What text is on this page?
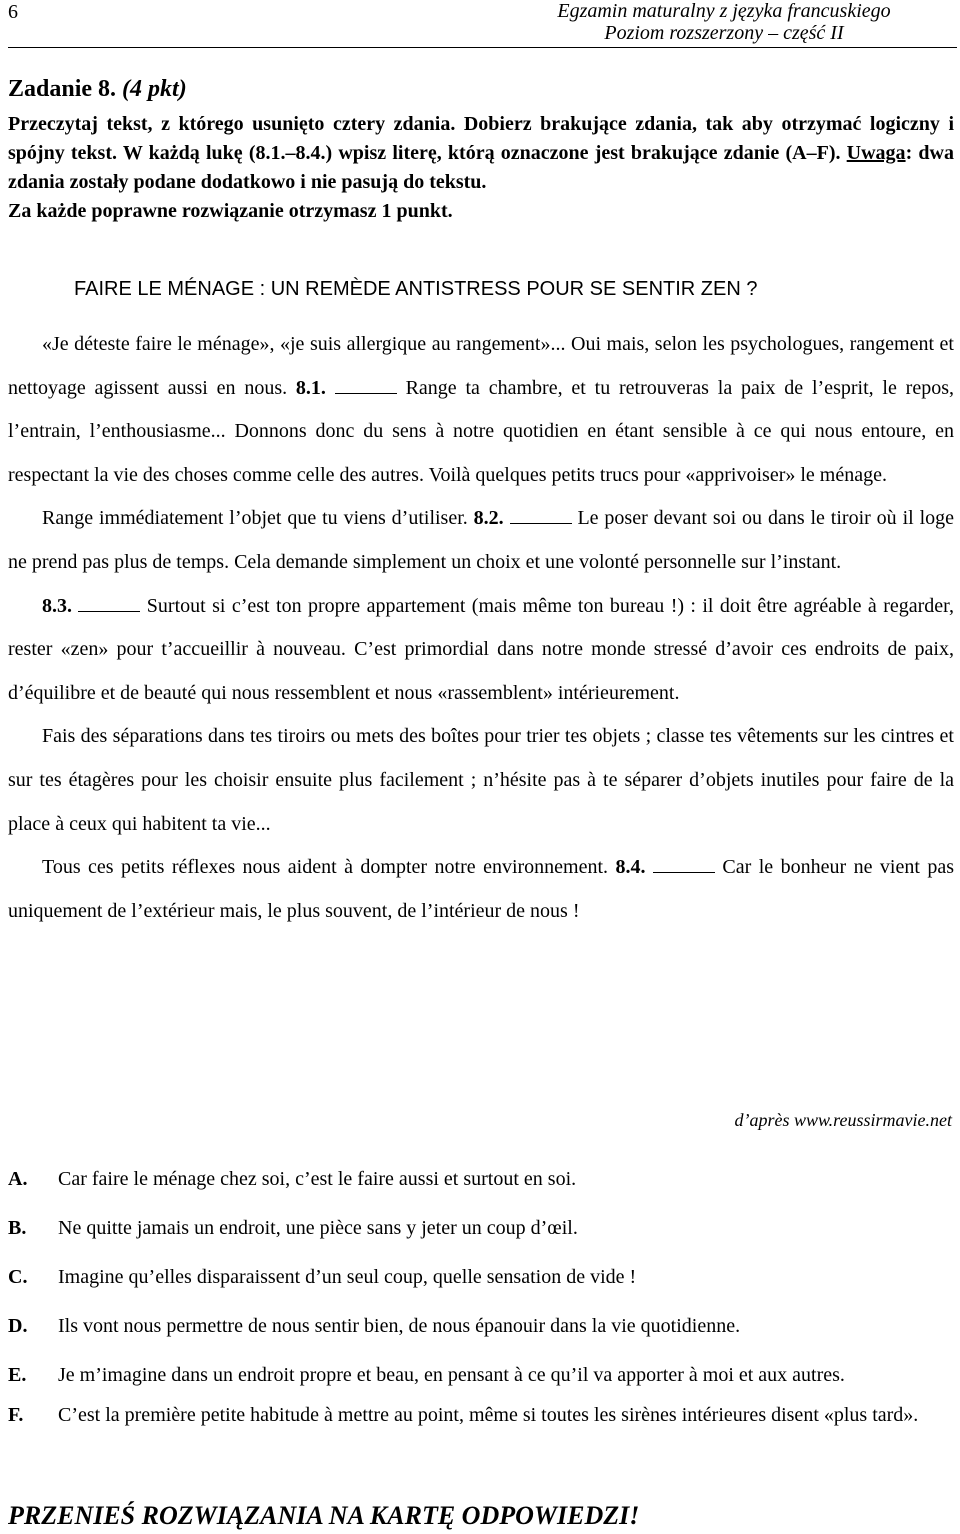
6	Egzamin maturalny z języka francuskiego
Poziom rozszerzony – część II
Zadanie 8. (4 pkt)
Przeczytaj tekst, z którego usunięto cztery zdania. Dobierz brakujące zdania, tak aby otrzymać logiczny i spójny tekst. W każdą lukę (8.1.–8.4.) wpisz literę, którą oznaczone jest brakujące zdanie (A–F). Uwaga: dwa zdania zostały podane dodatkowo i nie pasują do tekstu.
Za każde poprawne rozwiązanie otrzymasz 1 punkt.
FAIRE LE MÉNAGE : UN REMÈDE ANTISTRESS POUR SE SENTIR ZEN ?

«Je déteste faire le ménage», «je suis allergique au rangement»... Oui mais, selon les psychologues, rangement et nettoyage agissent aussi en nous. 8.1.	Range ta chambre, et tu retrouveras la paix de l’esprit, le repos, l’entrain, l’enthousiasme... Donnons donc du sens à notre quotidien en étant sensible à ce qui nous entoure, en respectant la vie des choses comme celle des autres. Voilà quelques petits trucs pour «apprivoiser» le ménage.

Range immédiatement l’objet que tu viens d’utiliser. 8.2.	Le poser devant soi ou dans le tiroir où il loge ne prend pas plus de temps. Cela demande simplement un choix et une volonté personnelle sur l’instant.

8.3.	Surtout si c’est ton propre appartement (mais même ton bureau !) : il doit être agréable à regarder, rester «zen» pour t’accueillir à nouveau. C’est primordial dans notre monde stressé d’avoir ces endroits de paix, d’équilibre et de beauté qui nous ressemblent et nous «rassemblent» intérieurement.

Fais des séparations dans tes tiroirs ou mets des boîtes pour trier tes objets ; classe tes vêtements sur les cintres et sur tes étagères pour les choisir ensuite plus facilement ; n’hésite pas à te séparer d’objets inutiles pour faire de la place à ceux qui habitent ta vie...

Tous ces petits réflexes nous aident à dompter notre environnement. 8.4.	Car le bonheur ne vient pas uniquement de l’extérieur mais, le plus souvent, de l’intérieur de nous !

d’après www.reussirmavie.net
A.	Car faire le ménage chez soi, c’est le faire aussi et surtout en soi.
B.	Ne quitte jamais un endroit, une pièce sans y jeter un coup d’œil.
C.	Imagine qu’elles disparaissent d’un seul coup, quelle sensation de vide !
D.	Ils vont nous permettre de nous sentir bien, de nous épanouir dans la vie quotidienne.
E.	Je m’imagine dans un endroit propre et beau, en pensant à ce qu’il va apporter à moi et aux autres.
F.	C’est la première petite habitude à mettre au point, même si toutes les sirènes intérieures disent «plus tard».
PRZENIEŚ ROZWIĄZANIA NA KARTĘ ODPOWIEDZI!
